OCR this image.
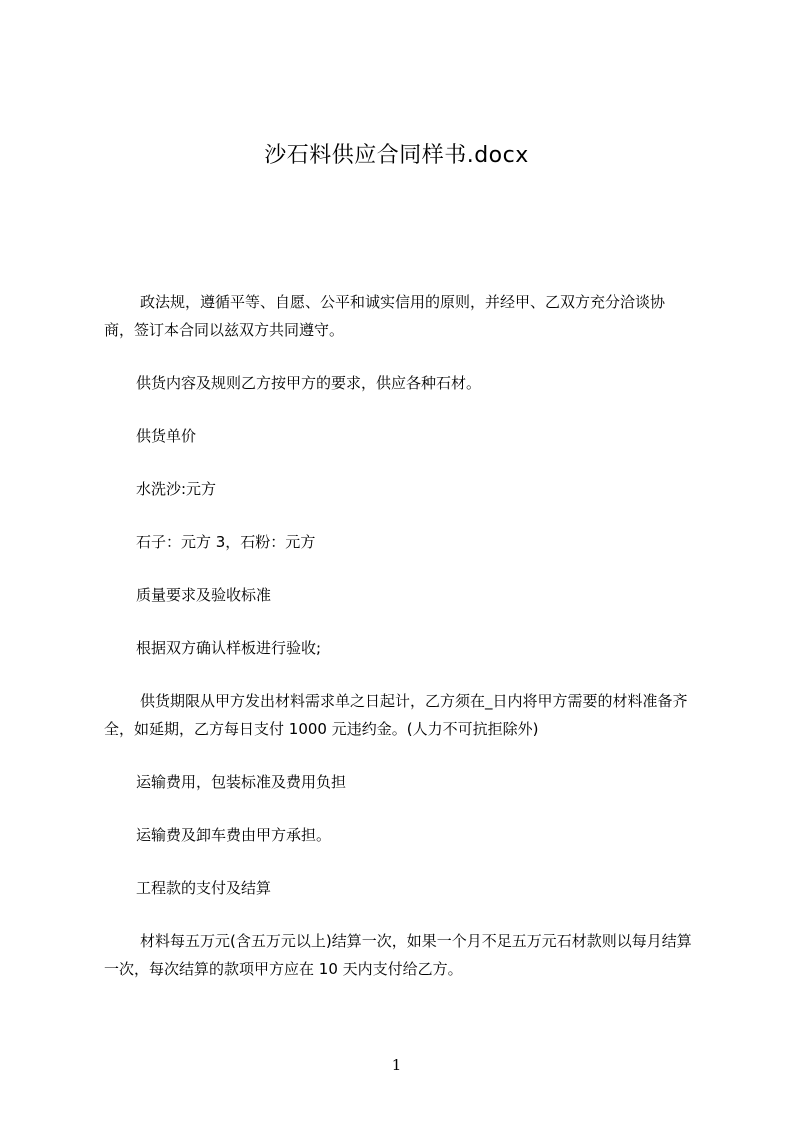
沙石料供应合同样书.docx

政法规，遵循平等、自愿、公平和诚实信用的原则，并经甲、乙双方充分洽谈协商，签订本合同以兹双方共同遵守。

供货内容及规则乙方按甲方的要求，供应各种石材。

供货单价

水洗沙:元方

石子：元方 3，石粉：元方

质量要求及验收标准

根据双方确认样板进行验收;

供货期限从甲方发出材料需求单之日起计，乙方须在_日内将甲方需要的材料准备齐全，如延期，乙方每日支付 1000 元违约金。(人力不可抗拒除外)

运输费用，包装标准及费用负担

运输费及卸车费由甲方承担。

工程款的支付及结算

材料每五万元(含五万元以上)结算一次，如果一个月不足五万元石材款则以每月结算一次，每次结算的款项甲方应在 10 天内支付给乙方。

1
